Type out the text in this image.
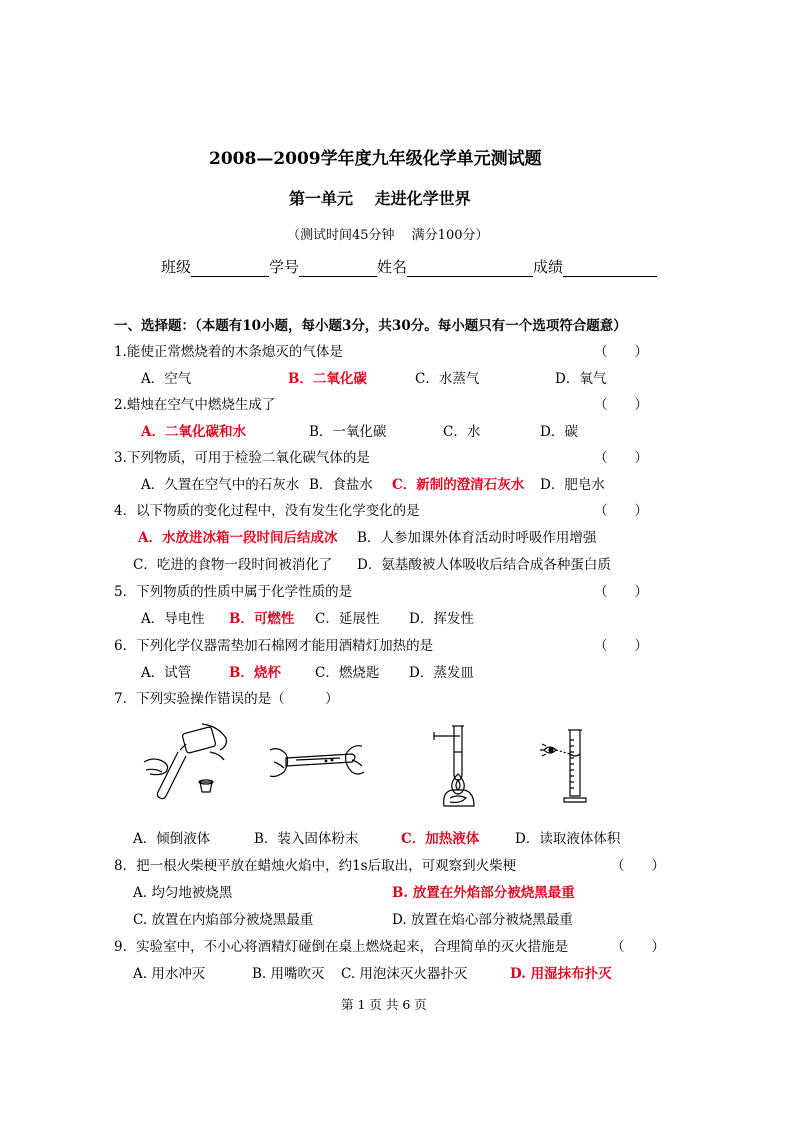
2008—2009学年度九年级化学单元测试题
第一单元　 走进化学世界
（测试时间45分钟　 满分100分）
班级	学号	姓名	成绩
一、选择题：（本题有10小题，每小题3分，共30分。每小题只有一个选项符合题意）
1.能使正常燃烧着的木条熄灭的气体是	（　　）
A．空气	B．二氧化碳	C．水蒸气	D．氧气
2.蜡烛在空气中燃烧生成了	（　　）
A．二氧化碳和水	B．一氧化碳	C．水	D．碳
3.下列物质，可用于检验二氧化碳气体的是	（　　）
A．久置在空气中的石灰水 B．食盐水 C．新制的澄清石灰水 D．肥皂水
4．以下物质的变化过程中，没有发生化学变化的是	（　　）
A．水放进冰箱一段时间后结成冰 B．人参加课外体育活动时呼吸作用增强
C．吃进的食物一段时间被消化了 D．氨基酸被人体吸收后结合成各种蛋白质
5．下列物质的性质中属于化学性质的是	（　　）
A．导电性 B．可燃性 C．延展性 D．挥发性
6．下列化学仪器需垫加石棉网才能用酒精灯加热的是	（　　）
A．试管	B．烧杯	C．燃烧匙 D．蒸发皿
7．下列实验操作错误的是（　　　）
A．倾倒液体	B．装入固体粉末	C．加热液体	D．读取液体体积
8．把一根火柴梗平放在蜡烛火焰中，约1s后取出，可观察到火柴梗	（　　）
A. 均匀地被烧黑	B. 放置在外焰部分被烧黑最重
C. 放置在内焰部分被烧黑最重	D. 放置在焰心部分被烧黑最重
9．实验室中，不小心将酒精灯碰倒在桌上燃烧起来，合理简单的灭火措施是	（　　）
A. 用水冲灭	B. 用嘴吹灭 C. 用泡沫灭火器扑灭	D. 用湿抹布扑灭
第 1 页 共 6 页
